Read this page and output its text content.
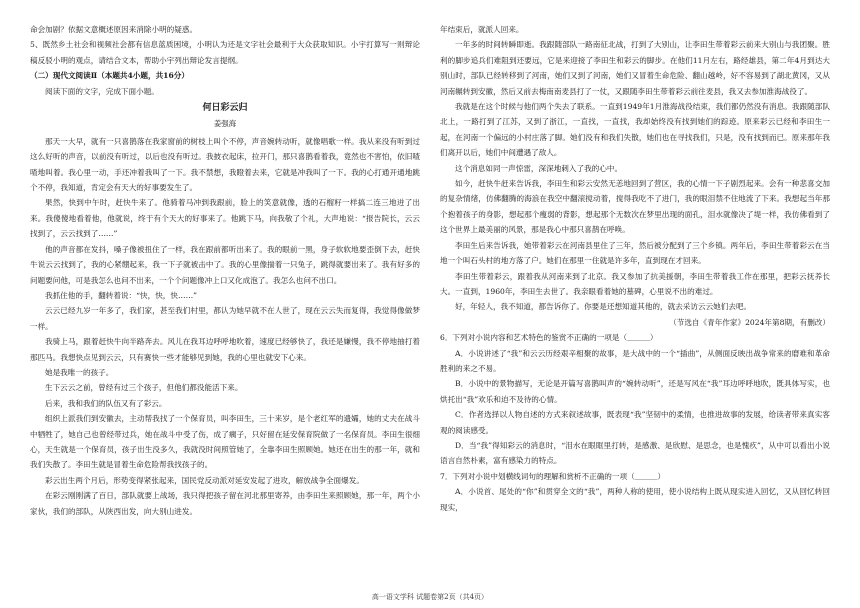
命会加剧？依据文意概述原因来消除小明的疑惑。

5、既然乡土社会和视频社会都有信息蓝质困境，小明认为还是文字社会最利于大众获取知识。小宇打算写一则辩论稿反驳小明的观点，请结合文本，帮助小宇列出辩论发言提纲。

（二）现代文阅读Ⅱ（本题共4小题，共16分）

阅读下面的文字，完成下面小题。

何日彩云归

姜强海

那天一大早，就有一只喜鹊落在我家窗前的树枝上叫个不停，声音婉转动听，就像唱歌一样。我从来没有听到过这么好听的声音，以前没有听过，以后也没有听过。我披衣起床，拉开门，那只喜鹊看着我，竟然也不害怕，依旧喳喳地叫着。我心里一动，手还冲着我叫了一下。我不禁想，我瞪着去来，它就是冲我叫了一下。我的心打通开通地跳个不停，我知道，肯定会有天大的好事要发生了。

果然，快到中午时，赶快牛来了。他骑着马冲到我跟前，脸上的笑意就像，透的石榴籽一样搞二连三地迸了出来。我傻傻地看着他，他就说，终于有个天大的好事来了。他跳下马，向我敬了个礼，大声地说：“报告院长，云云找到了，云云找到了……”

他的声音都在发抖，嗓子像被扭住了一样，我在跟前都听出来了。我的眼前一黑，身子软软地要歪倒下去，赶快牛说云云找到了，我的心紧绷起来，我一下子就被击中了。我的心里像揣着一只兔子，跳得就要出来了。我有好多的问题要问他，可是我怎么也问不出来，一个个问题像冲上口又化成泡了。我怎么也问不出口。

我抓住他的手，翻转着说：“快，快，快……”

云云已经九岁一年多了，我们家，甚至我们村里，都认为她早就不在人世了，现在云云失而复得，我觉得像做梦一样。

我骑上马，跟着赶快牛向半路奔去。风儿在我耳边呼呼地吹着，速度已经够快了，我还是嫌慢，我不停地抽打着那匹马。我想快点见到云云，只有赛快一些才能够见到她，我的心里也就安下心来。

她是我唯一的孩子。

生下云云之前，曾经有过三个孩子，但他们都没能活下来。

后来，我和我们的队伍又有了彩云。

组织上派我们到安徽去，主动帮我找了一个保育员，叫李田生，三十来岁，是个老红军的遗孀，她的丈夫在战斗中牺牲了，她自己也曾经带过兵，她在战斗中受了伤，成了瘸子，只好留在延安保育院做了一名保育员。李田生很细心，天生就是一个保育员，孩子出生没多久，我就没时间照管她了，全靠李田生照顾她。她还在出生的那一年，就和我们失散了。李田生就是冒着生命危险帮我找孩子的。

彩云出生两个月后，形势变得紧张起来，国民党反动派对延安发起了进攻，解放战争全面爆发。

在彩云刚刚满了百日，部队就要上战场，我只得把孩子留在河北那里寄养，由李田生来照顾她，那一年，两个小家伙，我们的部队，从陕西出发，向大别山进发。

年结束后，就派人回来。

一年多的时间转瞬即逝。我跟随部队一路南征北战，打到了大别山，让李田生带着彩云前来大别山与我团聚。胜利的脚步追兵们难阻到还要远，它是来迎接了李田生和彩云的脚步。在他们11月左右，路经雄县，第二年4月到达大别山时，部队已经转移到了河南，她们又到了河南，她们又冒着生命危险、翻山越岭，好不容易到了湖北黄冈，又从河南辗转到安徽，然后又前去梅南南麦县打了一仗，又跟随李田生带着彩云前往麦县，我又去参加淮海战役了。

我就是在这个时候与他们两个失去了联系。一直到1949年1月淮海战役结束，我们都仍然没有消息。我跟随部队北上，一路打到了江苏，又到了浙江，一直找，一直找，我却始终没有找到她们的踪迹。原来彩云已经和李田生一起，在河南一个偏远的小村庄落了脚。她们没有和我们失散，她们也在寻找我们，只是，没有找到而已。原来那年我们离开以后，她们中间遭遇了敌人。

这个消息如同一声惊雷，深深地刺入了我的心中。

如今，赶快牛赶来告诉我，李田生和彩云安然无恙地回到了营区，我的心情一下子剧烈起来。会有一种悲喜交加的复杂情绪，仿佛翻腾的海浪在我空中翻滚搅动着，搅得我吃不了进门，我的眼泪禁不住地流了下来。我想起当年那个抱着孩子的身影，想起那个瘦弱的背影，想起那个无数次在梦里出现的面孔，泪水就像决了堤一样，我仿佛看到了这个世界上最美丽的风景，那是我心中那只喜鹊在呼唤。

李田生后来告诉我，她带着彩云在河南县里住了三年，然后被分配到了三个乡镇。两年后，李田生带着彩云在当地一个叫石头村的地方落了户。她们在那里一住就是许多年，直到现在才回来。

李田生带着彩云，跟着我从河南来到了北京。我又参加了抗美援朝，李田生带着我工作在那里，把彩云抚养长大。一直到，1960年，李田生去世了。我亲眼看着她的墓碑，心里说不出的难过。

好，年轻人，我不知道，都告诉你了。你要是还想知道其他的，就去采访云云她们去吧。

（节选自《青年作家》2024年第8期，有删改）

6．下列对小说内容和艺术特色的鉴赏不正确的一项是（＿＿＿）

A．小说讲述了“我”和云云历经艰辛相聚的故事，是大战中的一个“插曲”，从侧面反映出战争常来的磨难和革命胜利的来之不易。

B．小说中的景物描写，无论是开篇写喜鹊叫声的“婉转动听”，还是写风在“我”耳边呼呼地吹，既具体写实，也烘托出“我”欢乐和迫不及待的心情。

C．作者选择以人物自述的方式来叙述故事，既表现“我”坚韧中的柔情，也推进故事的发展，给读者带来真实客观的阅读感受。

D．当“我”得知彩云的消息时，“泪水在眼眶里打转，是感激、是欣慰、是思念，也是愧疚”，从中可以看出小说语言自然朴素，富有感染力的特点。

7．下列对小说中划横线词句的理解和赏析不正确的一项（＿＿＿）

A．小说首、尾处的“你”和贯穿全文的“我”，两种人称的使用，使小说结构上既从现实进入回忆，又从回忆转回现实，

高一语文学科 试题卷第2页（共4页）
